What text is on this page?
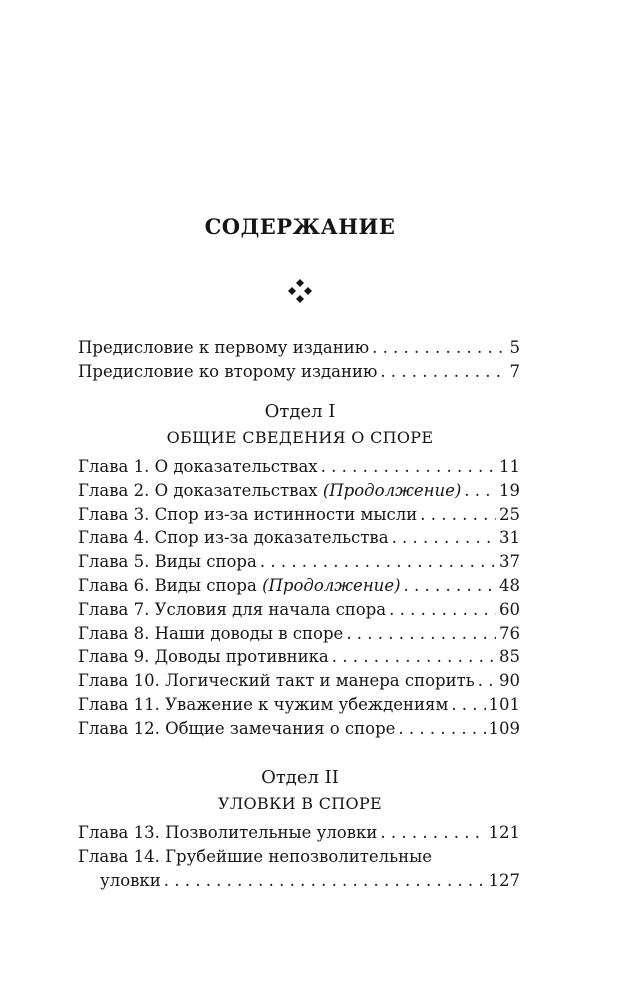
СОДЕРЖАНИЕ
Предисловие к первому изданию . . .	5
Предисловие ко второму изданию . . .	7
Отдел I
ОБЩИЕ СВЕДЕНИЯ О СПОРЕ
Глава 1. О доказательствах . . .	11
Глава 2. О доказательствах (Продолжение) . . . 19
Глава 3. Спор из-за истинности мысли . . .	25
Глава 4. Спор из-за доказательства . . .	31
Глава 5. Виды спора . . .	37
Глава 6. Виды спора (Продолжение) . . .	48
Глава 7. Условия для начала спора . . .	60
Глава 8. Наши доводы в споре . . .	76
Глава 9. Доводы противника . . .	85
Глава 10. Логический такт и манера спорить . . . 90
Глава 11. Уважение к чужим убеждениям . . . 101
Глава 12. Общие замечания о споре . . .	109
Отдел II
УЛОВКИ В СПОРЕ
Глава 13. Позволительные уловки . . .	121
Глава 14. Грубейшие непозволительные
уловки . . .	127
